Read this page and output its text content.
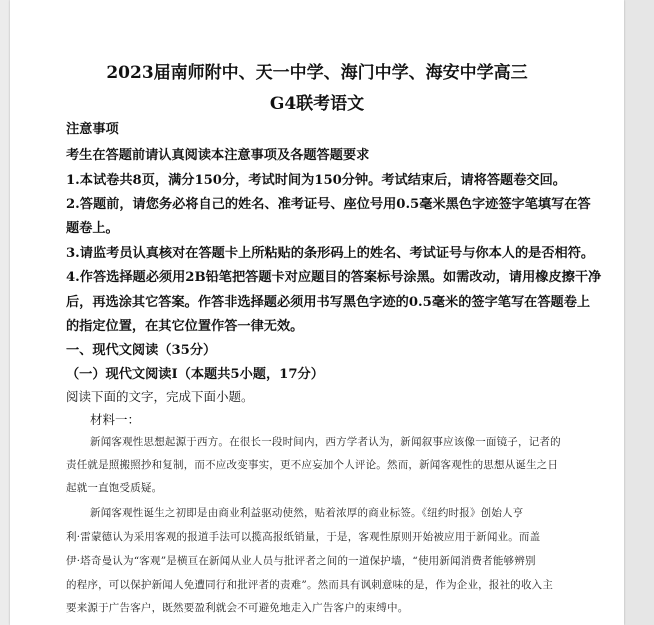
2023届南师附中、天一中学、海门中学、海安中学高三
G4联考语文
注意事项
考生在答题前请认真阅读本注意事项及各题答题要求
1.本试卷共8页，满分150分，考试时间为150分钟。考试结束后，请将答题卷交回。
2.答题前，请您务必将自己的姓名、准考证号、座位号用0.5毫米黑色字迹签字笔填写在答
题卷上。
3.请监考员认真核对在答题卡上所粘贴的条形码上的姓名、考试证号与你本人的是否相符。
4.作答选择题必须用2B铅笔把答题卡对应题目的答案标号涂黑。如需改动，请用橡皮擦干净
后，再选涂其它答案。作答非选择题必须用书写黑色字迹的0.5毫米的签字笔写在答题卷上
的指定位置，在其它位置作答一律无效。
一、现代文阅读（35分）
（一）现代文阅读Ⅰ（本题共5小题，17分）
阅读下面的文字，完成下面小题。
材料一：
新闻客观性思想起源于西方。在很长一段时间内，西方学者认为，新闻叙事应该像一面镜子，记者的
责任就是照搬照抄和复制，而不应改变事实，更不应妄加个人评论。然而，新闻客观性的思想从诞生之日
起就一直饱受质疑。
新闻客观性诞生之初即是由商业利益驱动使然，贴着浓厚的商业标签。《纽约时报》创始人亨
利·雷蒙德认为采用客观的报道手法可以揽高报纸销量，于是，客观性原则开始被应用于新闻业。而盖
伊·塔奇曼认为“客观”是横亘在新闻从业人员与批评者之间的一道保护墙，“使用新闻消费者能够辨别
的程序，可以保护新闻人免遭同行和批评者的责难”。然而具有讽刺意味的是，作为企业，报社的收入主
要来源于广告客户，既然要盈利就会不可避免地走入广告客户的束缚中。
